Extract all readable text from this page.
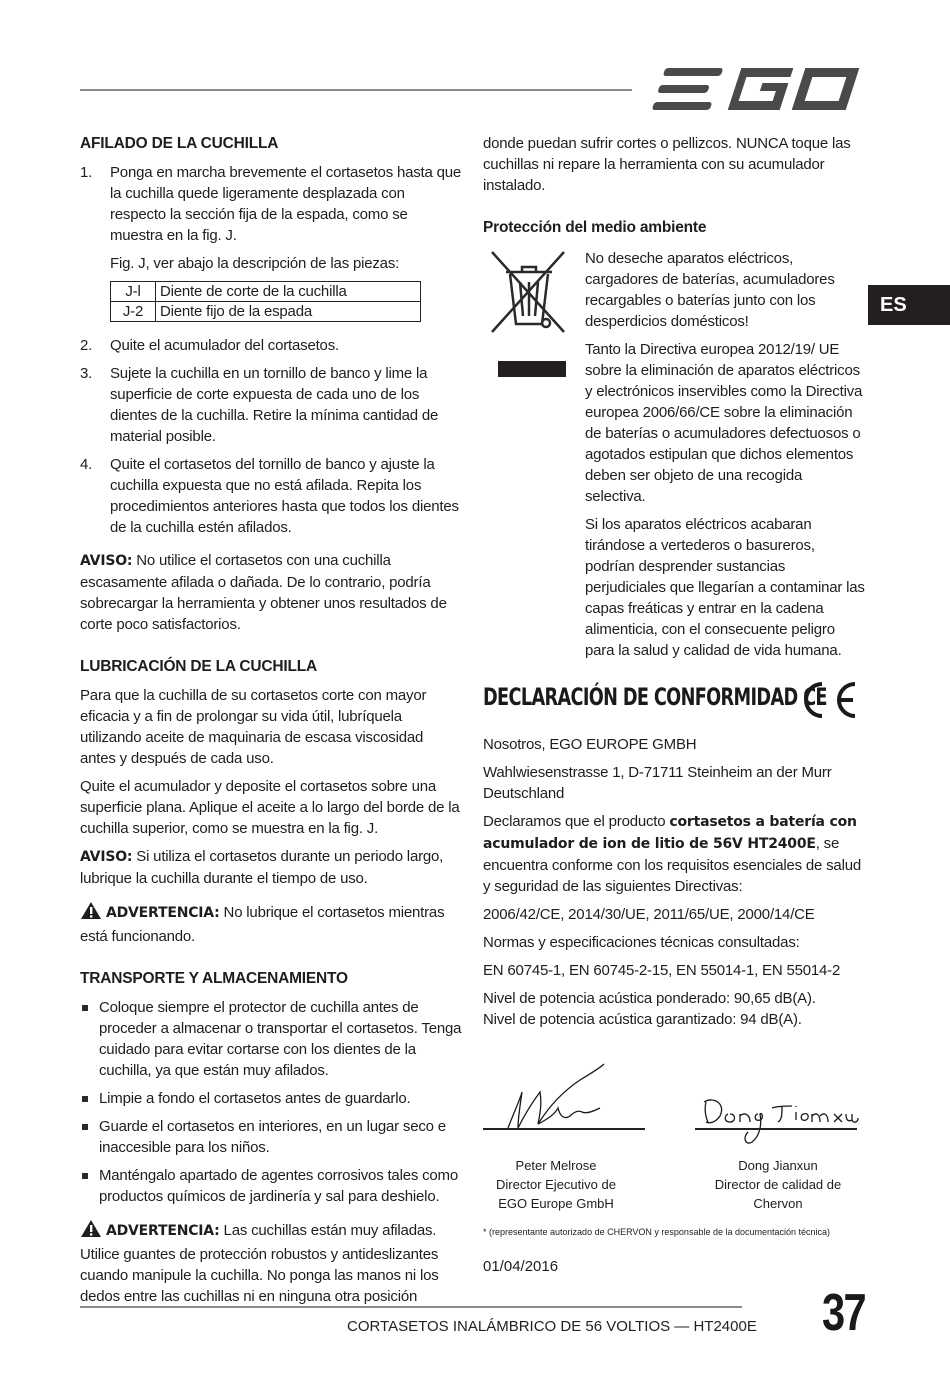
ES
AFILADO DE LA CUCHILLA
1. Ponga en marcha brevemente el cortasetos hasta que la cuchilla quede ligeramente desplazada con respecto la sección fija de la espada, como se muestra en la fig. J.

Fig. J, ver abajo la descripción de las piezas:

J-l	Diente de corte de la cuchilla
J-2	Diente fijo de la espada
2. Quite el acumulador del cortasetos.
3. Sujete la cuchilla en un tornillo de banco y lime la superficie de corte expuesta de cada uno de los dientes de la cuchilla. Retire la mínima cantidad de material posible.
4. Quite el cortasetos del tornillo de banco y ajuste la cuchilla expuesta que no está afilada. Repita los procedimientos anteriores hasta que todos los dientes de la cuchilla estén afilados.

AVISO: No utilice el cortasetos con una cuchilla escasamente afilada o dañada. De lo contrario, podría sobrecargar la herramienta y obtener unos resultados de corte poco satisfactorios.

LUBRICACIÓN DE LA CUCHILLA

Para que la cuchilla de su cortasetos corte con mayor eficacia y a fin de prolongar su vida útil, lubríquela utilizando aceite de maquinaria de escasa viscosidad antes y después de cada uso.

Quite el acumulador y deposite el cortasetos sobre una superficie plana. Aplique el aceite a lo largo del borde de la cuchilla superior, como se muestra en la fig. J.

AVISO: Si utiliza el cortasetos durante un periodo largo, lubrique la cuchilla durante el tiempo de uso.

ADVERTENCIA: No lubrique el cortasetos mientras está funcionando.

TRANSPORTE Y ALMACENAMIENTO
Coloque siempre el protector de cuchilla antes de proceder a almacenar o transportar el cortasetos. Tenga cuidado para evitar cortarse con los dientes de la cuchilla, ya que están muy afilados.
Limpie a fondo el cortasetos antes de guardarlo.
Guarde el cortasetos en interiores, en un lugar seco e inaccesible para los niños.
Manténgalo apartado de agentes corrosivos tales como productos químicos de jardinería y sal para deshielo.

ADVERTENCIA: Las cuchillas están muy afiladas. Utilice guantes de protección robustos y antideslizantes cuando manipule la cuchilla. No ponga las manos ni los dedos entre las cuchillas ni en ninguna otra posición

donde puedan sufrir cortes o pellizcos. NUNCA toque las cuchillas ni repare la herramienta con su acumulador instalado.

Protección del medio ambiente

No deseche aparatos eléctricos, cargadores de baterías, acumuladores recargables o baterías junto con los desperdicios domésticos!

Tanto la Directiva europea 2012/19/ UE sobre la eliminación de aparatos eléctricos y electrónicos inservibles como la Directiva europea 2006/66/CE sobre la eliminación de baterías o acumuladores defectuosos o agotados estipulan que dichos elementos deben ser objeto de una recogida selectiva.

Si los aparatos eléctricos acabaran tirándose a vertederos o basureros, podrían desprender sustancias perjudiciales que llegarían a contaminar las capas freáticas y entrar en la cadena alimenticia, con el consecuente peligro para la salud y calidad de vida humana.

DECLARACIÓN DE CONFORMIDAD CE

Nosotros, EGO EUROPE GMBH

Wahlwiesenstrasse 1, D-71711 Steinheim an der Murr Deutschland

Declaramos que el producto cortasetos a batería con acumulador de ion de litio de 56V HT2400E, se encuentra conforme con los requisitos esenciales de salud y seguridad de las siguientes Directivas:

2006/42/CE, 2014/30/UE, 2011/65/UE, 2000/14/CE

Normas y especificaciones técnicas consultadas:

EN 60745-1, EN 60745-2-15, EN 55014-1, EN 55014-2

Nivel de potencia acústica ponderado: 90,65 dB(A).
Nivel de potencia acústica garantizado: 94 dB(A).

Peter Melrose
Director Ejecutivo de
EGO Europe GmbH
Dong Jianxun
Director de calidad de Chervon
* (representante autorizado de CHERVON y responsable de la documentación técnica)
01/04/2016
CORTASETOS INALÁMBRICO DE 56 VOLTIOS — HT2400E 37
